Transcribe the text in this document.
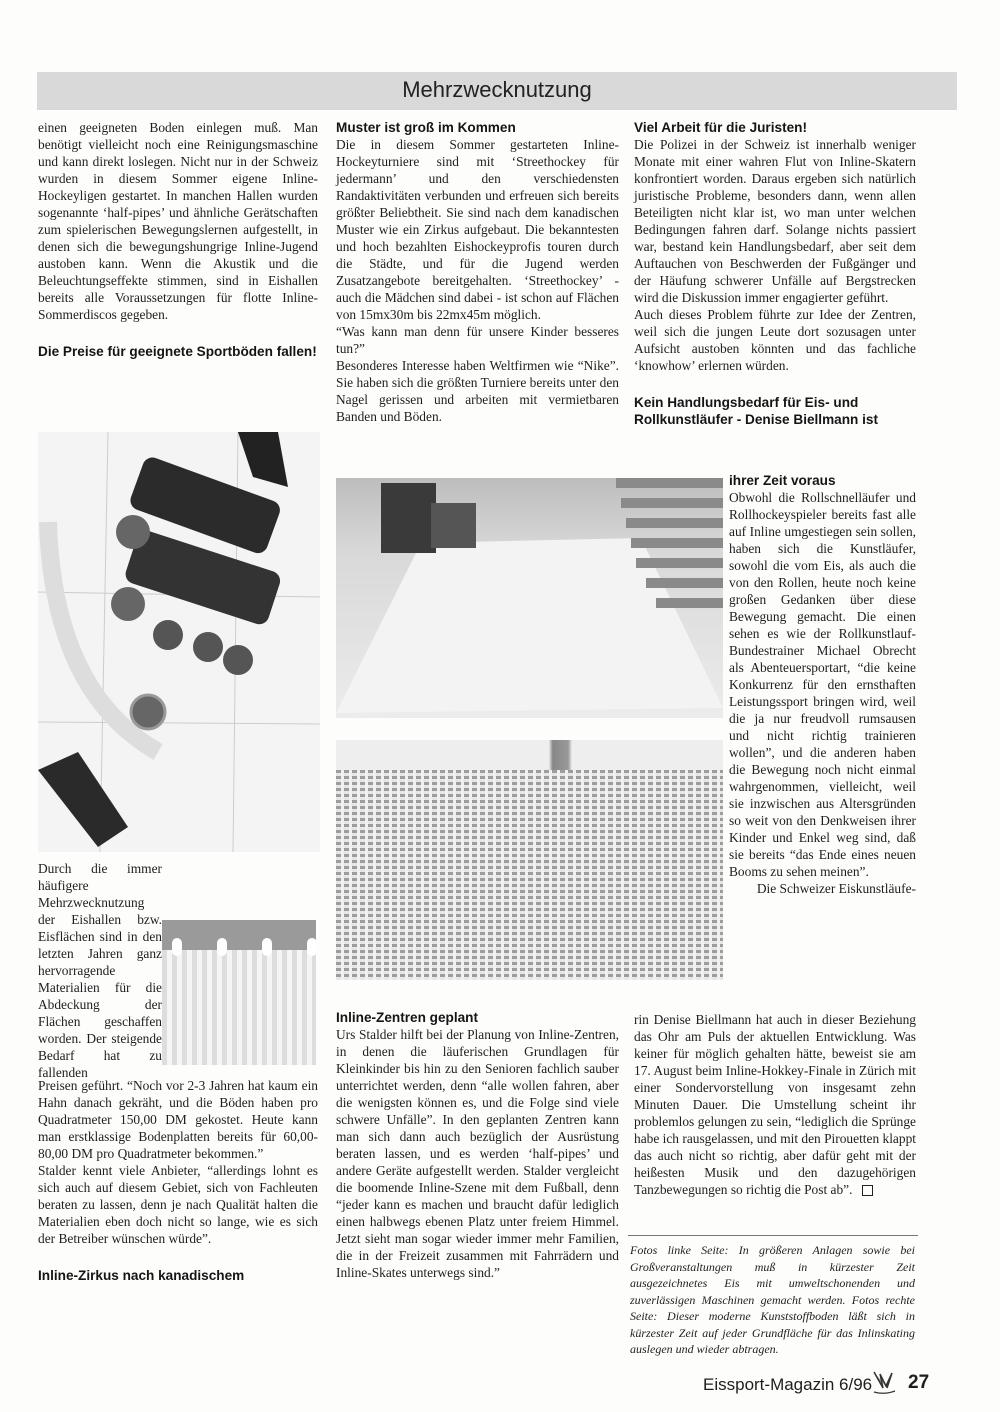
Mehrzwecknutzung

einen geeigneten Boden einlegen muß. Man benötigt vielleicht noch eine Reinigungsmaschine und kann direkt loslegen. Nicht nur in der Schweiz wurden in diesem Sommer eigene Inline-Hockeyligen gestartet. In manchen Hallen wurden sogenannte ‘half-pipes’ und ähnliche Gerätschaften zum spielerischen Bewegungslernen aufgestellt, in denen sich die bewegungshungrige Inline-Jugend austoben kann. Wenn die Akustik und die Beleuchtungseffekte stimmen, sind in Eishallen bereits alle Voraussetzungen für flotte Inline-Sommerdiscos gegeben.

Die Preise für geeignete Sportböden fallen!

Durch die immer häufigere Mehrzwecknutzung der Eishallen bzw. Eisflächen sind in den letzten Jahren ganz hervorragende Materialien für die Abdeckung der Flächen geschaffen worden. Der steigende Bedarf hat zu fallenden

Preisen geführt. “Noch vor 2-3 Jahren hat kaum ein Hahn danach gekräht, und die Böden haben pro Quadratmeter 150,00 DM gekostet. Heute kann man erstklassige Bodenplatten bereits für 60,00-80,00 DM pro Quadratmeter bekommen.”

Stalder kennt viele Anbieter, “allerdings lohnt es sich auch auf diesem Gebiet, sich von Fachleuten beraten zu lassen, denn je nach Qualität halten die Materialien eben doch nicht so lange, wie es sich der Betreiber wünschen würde”.

Inline-Zirkus nach kanadischem

Muster ist groß im Kommen

Die in diesem Sommer gestarteten Inline-Hockeyturniere sind mit ‘Streethockey für jedermann’ und den verschiedensten Randaktivitäten verbunden und erfreuen sich bereits größter Beliebtheit. Sie sind nach dem kanadischen Muster wie ein Zirkus aufgebaut. Die bekanntesten und hoch bezahlten Eishockeyprofis touren durch die Städte, und für die Jugend werden Zusatzangebote bereitgehalten. ‘Streethockey’ - auch die Mädchen sind dabei - ist schon auf Flächen von 15mx30m bis 22mx45m möglich.

“Was kann man denn für unsere Kinder besseres tun?”

Besonderes Interesse haben Weltfirmen wie “Nike”. Sie haben sich die größten Turniere bereits unter den Nagel gerissen und arbeiten mit vermietbaren Banden und Böden.

Inline-Zentren geplant

Urs Stalder hilft bei der Planung von Inline-Zentren, in denen die läuferischen Grundlagen für Kleinkinder bis hin zu den Senioren fachlich sauber unterrichtet werden, denn “alle wollen fahren, aber die wenigsten können es, und die Folge sind viele schwere Unfälle”. In den geplanten Zentren kann man sich dann auch bezüglich der Ausrüstung beraten lassen, und es werden ‘half-pipes’ und andere Geräte aufgestellt werden. Stalder vergleicht die boomende Inline-Szene mit dem Fußball, denn “jeder kann es machen und braucht dafür lediglich einen halbwegs ebenen Platz unter freiem Himmel. Jetzt sieht man sogar wieder immer mehr Familien, die in der Freizeit zusammen mit Fahrrädern und Inline-Skates unterwegs sind.”

Viel Arbeit für die Juristen!

Die Polizei in der Schweiz ist innerhalb weniger Monate mit einer wahren Flut von Inline-Skatern konfrontiert worden. Daraus ergeben sich natürlich juristische Probleme, besonders dann, wenn allen Beteiligten nicht klar ist, wo man unter welchen Bedingungen fahren darf. Solange nichts passiert war, bestand kein Handlungsbedarf, aber seit dem Auftauchen von Beschwerden der Fußgänger und der Häufung schwerer Unfälle auf Bergstrecken wird die Diskussion immer engagierter geführt.

Auch dieses Problem führte zur Idee der Zentren, weil sich die jungen Leute dort sozusagen unter Aufsicht austoben könnten und das fachliche ‘knowhow’ erlernen würden.

Kein Handlungsbedarf für Eis- und Rollkunstläufer - Denise Biellmann ist

ihrer Zeit voraus

Obwohl die Rollschnelläufer und Rollhockeyspieler bereits fast alle auf Inline umgestiegen sein sollen, haben sich die Kunstläufer, sowohl die vom Eis, als auch die von den Rollen, heute noch keine großen Gedanken über diese Bewegung gemacht. Die einen sehen es wie der Rollkunstlauf-Bundestrainer Michael Obrecht als Abenteuersportart, “die keine Konkurrenz für den ernsthaften Leistungssport bringen wird, weil die ja nur freudvoll rumsausen und nicht richtig trainieren wollen”, und die anderen haben die Bewegung noch nicht einmal wahrgenommen, vielleicht, weil sie inzwischen aus Altersgründen so weit von den Denkweisen ihrer Kinder und Enkel weg sind, daß sie bereits “das Ende eines neuen Booms zu sehen meinen”.

Die Schweizer Eiskunstläufe-

rin Denise Biellmann hat auch in dieser Beziehung das Ohr am Puls der aktuellen Entwicklung. Was keiner für möglich gehalten hätte, beweist sie am 17. August beim Inline-Hokkey-Finale in Zürich mit einer Sondervorstellung von insgesamt zehn Minuten Dauer. Die Umstellung scheint ihr problemlos gelungen zu sein, “lediglich die Sprünge habe ich rausgelassen, und mit den Pirouetten klappt das auch nicht so richtig, aber dafür geht mit der heißesten Musik und den dazugehörigen Tanzbewegungen so richtig die Post ab”.

Fotos linke Seite: In größeren Anlagen sowie bei Großveranstaltungen muß in kürzester Zeit ausgezeichnetes Eis mit umweltschonenden und zuverlässigen Maschinen gemacht werden. Fotos rechte Seite: Dieser moderne Kunststoffboden läßt sich in kürzester Zeit auf jeder Grundfläche für das Inlinskating auslegen und wieder abtragen.
Eissport-Magazin 6/96 27
